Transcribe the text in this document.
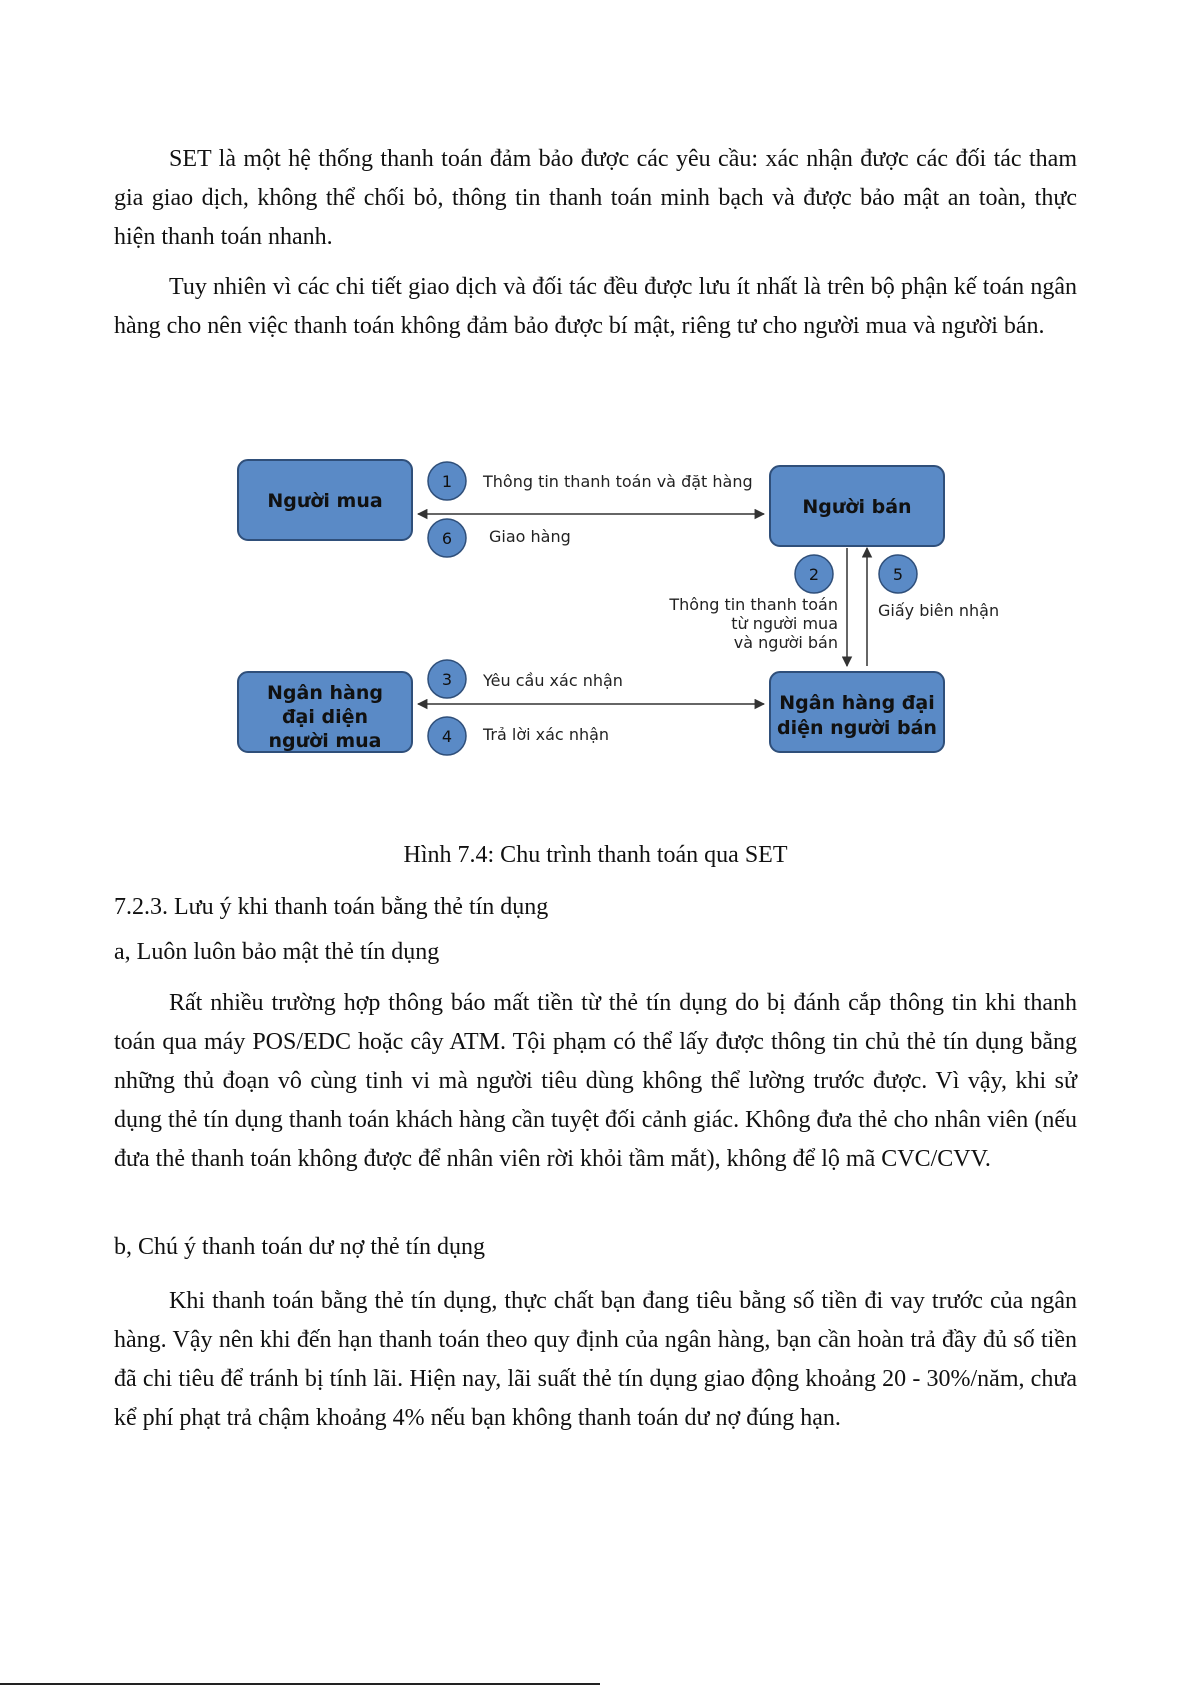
SET là một hệ thống thanh toán đảm bảo được các yêu cầu: xác nhận được các đối tác tham gia giao dịch, không thể chối bỏ, thông tin thanh toán minh bạch và được bảo mật an toàn, thực hiện thanh toán nhanh.

Tuy nhiên vì các chi tiết giao dịch và đối tác đều được lưu ít nhất là trên bộ phận kế toán ngân hàng cho nên việc thanh toán không đảm bảo được bí mật, riêng tư cho người mua và người bán.

Người mua	Người bán
Ngân hàng
đại diện
người mua
Ngân hàng đại
diện người bán
1 Thông tin thanh toán và đặt hàng
6 Giao hàng
2
Thông tin thanh toán
từ người mua
và người bán
5
Giấy biên nhận
3 Yêu cầu xác nhận
4 Trả lời xác nhận

Hình 7.4: Chu trình thanh toán qua SET

7.2.3. Lưu ý khi thanh toán bằng thẻ tín dụng
a, Luôn luôn bảo mật thẻ tín dụng

Rất nhiều trường hợp thông báo mất tiền từ thẻ tín dụng do bị đánh cắp thông tin khi thanh toán qua máy POS/EDC hoặc cây ATM. Tội phạm có thể lấy được thông tin chủ thẻ tín dụng bằng những thủ đoạn vô cùng tinh vi mà người tiêu dùng không thể lường trước được. Vì vậy, khi sử dụng thẻ tín dụng thanh toán khách hàng cần tuyệt đối cảnh giác. Không đưa thẻ cho nhân viên (nếu đưa thẻ thanh toán không được để nhân viên rời khỏi tầm mắt), không để lộ mã CVC/CVV.

b, Chú ý thanh toán dư nợ thẻ tín dụng

Khi thanh toán bằng thẻ tín dụng, thực chất bạn đang tiêu bằng số tiền đi vay trước của ngân hàng. Vậy nên khi đến hạn thanh toán theo quy định của ngân hàng, bạn cần hoàn trả đầy đủ số tiền đã chi tiêu để tránh bị tính lãi. Hiện nay, lãi suất thẻ tín dụng giao động khoảng 20 - 30%/năm, chưa kể phí phạt trả chậm khoảng 4% nếu bạn không thanh toán dư nợ đúng hạn.
